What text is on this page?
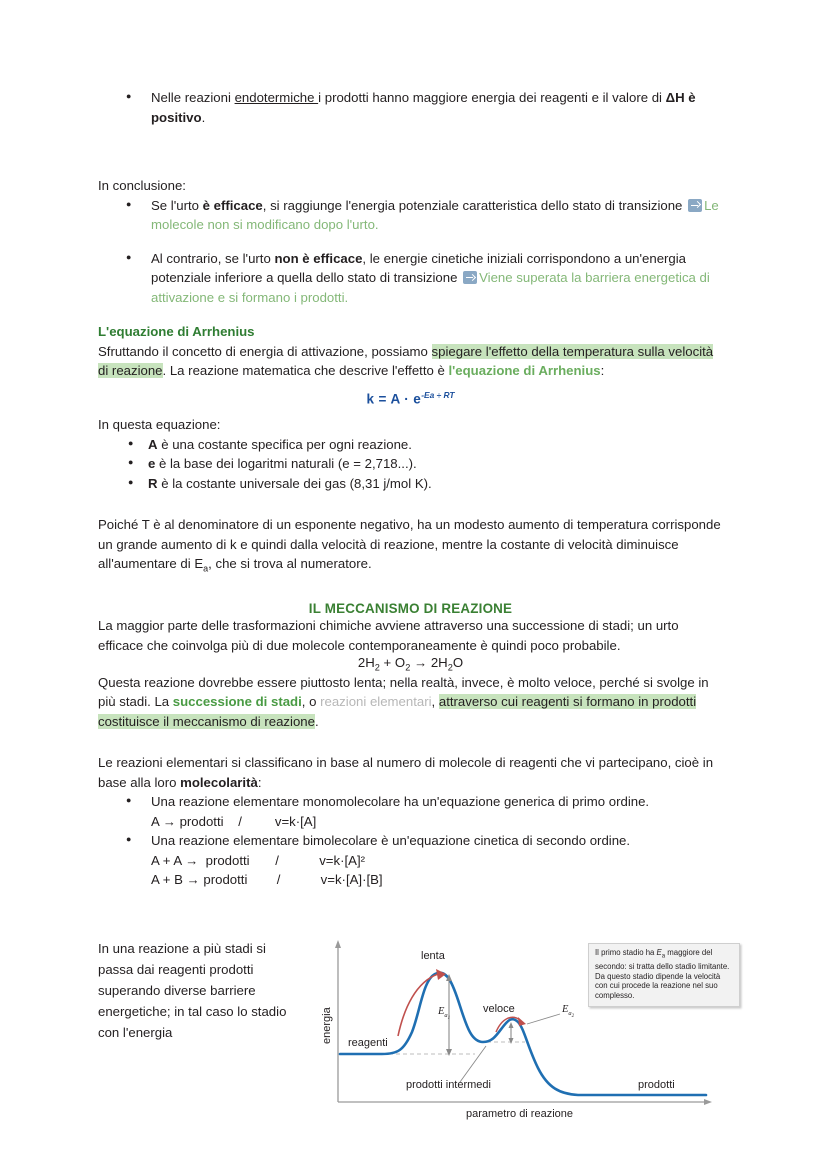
● Nelle reazioni endotermiche i prodotti hanno maggiore energia dei reagenti e il valore di ΔH è positivo.

In conclusione:

● Se l'urto è efficace, si raggiunge l'energia potenziale caratteristica dello stato di transizione Le molecole non si modificano dopo l'urto.
● Al contrario, se l'urto non è efficace, le energie cinetiche iniziali corrispondono a un'energia potenziale inferiore a quella dello stato di transizione Viene superata la barriera energetica di attivazione e si formano i prodotti.
L'equazione di Arrhenius

Sfruttando il concetto di energia di attivazione, possiamo spiegare l'effetto della temperatura sulla velocità di reazione. La reazione matematica che descrive l'effetto è l'equazione di Arrhenius:

$k = A \cdot e^{-Ea \div RT}$

In questa equazione:

● A è una costante specifica per ogni reazione.
● e è la base dei logaritmi naturali (e = 2,718...).
● R è la costante universale dei gas (8,31 j/mol K).

Poiché T è al denominatore di un esponente negativo, ha un modesto aumento di temperatura corrisponde un grande aumento di k e quindi dalla velocità di reazione, mentre la costante di velocità diminuisce all'aumentare di $E_a$, che si trova al numeratore.

IL MECCANISMO DI REAZIONE

La maggior parte delle trasformazioni chimiche avviene attraverso una successione di stadi; un urto efficace che coinvolga più di due molecole contemporaneamente è quindi poco probabile.

$2H_2 + O_2 \to 2H_2O$

Questa reazione dovrebbe essere piuttosto lenta; nella realtà, invece, è molto veloce, perché si svolge in più stadi. La successione di stadi, o reazioni elementari, attraverso cui reagenti si formano in prodotti costituisce il meccanismo di reazione.

Le reazioni elementari si classificano in base al numero di molecole di reagenti che vi partecipano, cioè in base alla loro molecolarità:

● Una reazione elementare monomolecolare ha un'equazione generica di primo ordine.
A → prodotti    /         v=k·[A]
● Una reazione elementare bimolecolare è un'equazione cinetica di secondo ordine.
A + A →  prodotti       /           v=k·[A]²
A + B → prodotti        /           v=k·[A]·[B]
In una reazione a più stadi si passa dai reagenti prodotti superando diverse barriere energetiche; in tal caso lo stadio con l'energia	energia
parametro di reazione
reagenti
lenta
veloce
prodotti intermedi	prodotti
$E_a1$
$E_a2$
Il primo stadio ha $E_a$ maggiore del secondo: si tratta dello stadio limitante. Da questo stadio dipende la velocità con cui procede la reazione nel suo complesso.
